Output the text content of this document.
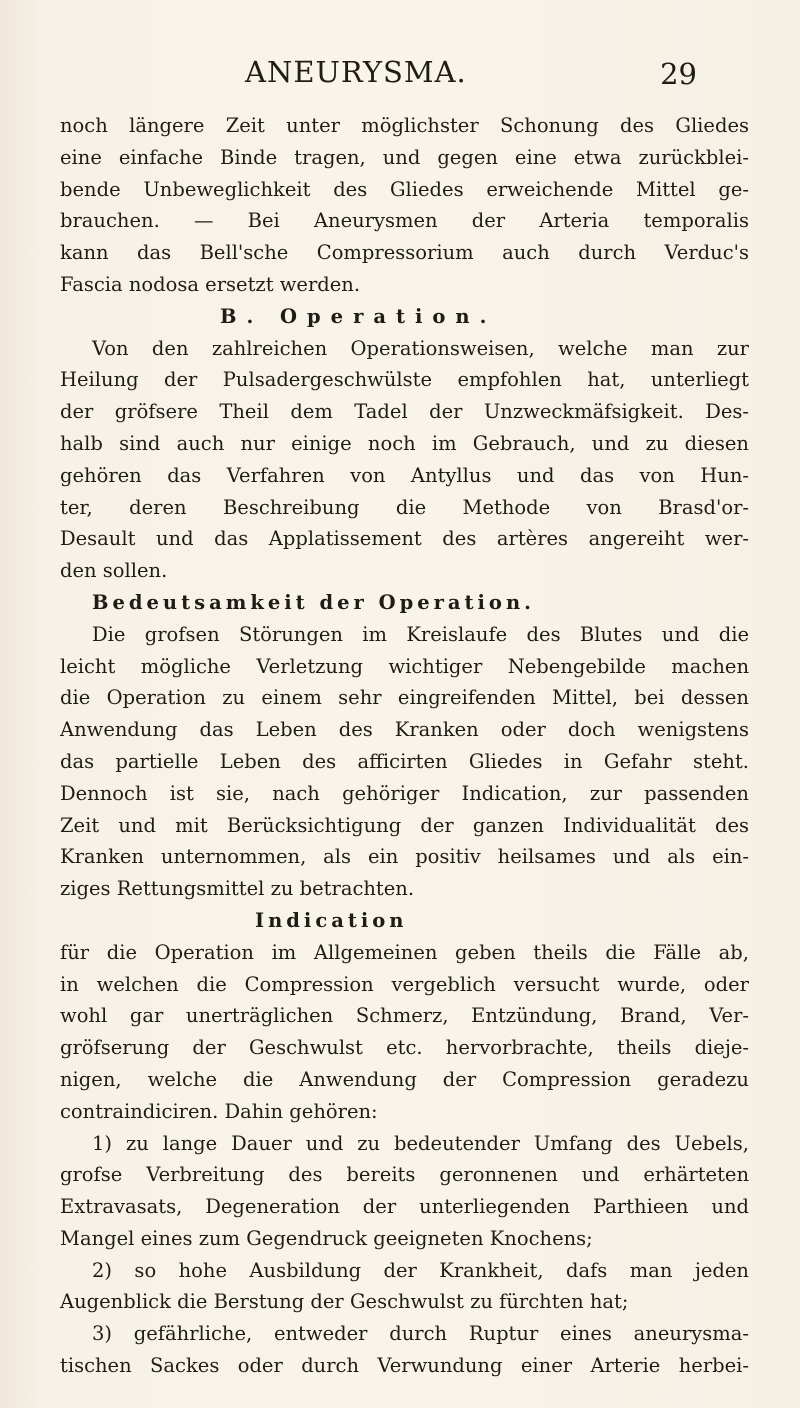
ANEURYSMA.	29
noch längere Zeit unter möglichster Schonung des Gliedes
eine einfache Binde tragen, und gegen eine etwa zurückblei-
bende Unbeweglichkeit des Gliedes erweichende Mittel ge-
brauchen. — Bei Aneurysmen der Arteria temporalis
kann das Bell'sche Compressorium auch durch Verduc's
Fascia nodosa ersetzt werden.
B. Operation.
Von den zahlreichen Operationsweisen, welche man zur
Heilung der Pulsadergeschwülste empfohlen hat, unterliegt
der gröfsere Theil dem Tadel der Unzweckmäfsigkeit. Des-
halb sind auch nur einige noch im Gebrauch, und zu diesen
gehören das Verfahren von Antyllus und das von Hun-
ter, deren Beschreibung die Methode von Brasd'or-
Desault und das Applatissement des artères angereiht wer-
den sollen.
Bedeutsamkeit der Operation.
Die grofsen Störungen im Kreislaufe des Blutes und die
leicht mögliche Verletzung wichtiger Nebengebilde machen
die Operation zu einem sehr eingreifenden Mittel, bei dessen
Anwendung das Leben des Kranken oder doch wenigstens
das partielle Leben des afficirten Gliedes in Gefahr steht.
Dennoch ist sie, nach gehöriger Indication, zur passenden
Zeit und mit Berücksichtigung der ganzen Individualität des
Kranken unternommen, als ein positiv heilsames und als ein-
ziges Rettungsmittel zu betrachten.
Indication
für die Operation im Allgemeinen geben theils die Fälle ab,
in welchen die Compression vergeblich versucht wurde, oder
wohl gar unerträglichen Schmerz, Entzündung, Brand, Ver-
gröfserung der Geschwulst etc. hervorbrachte, theils dieje-
nigen, welche die Anwendung der Compression geradezu
contraindiciren. Dahin gehören:
1) zu lange Dauer und zu bedeutender Umfang des Uebels,
grofse Verbreitung des bereits geronnenen und erhärteten
Extravasats, Degeneration der unterliegenden Parthieen und
Mangel eines zum Gegendruck geeigneten Knochens;
2) so hohe Ausbildung der Krankheit, dafs man jeden
Augenblick die Berstung der Geschwulst zu fürchten hat;
3) gefährliche, entweder durch Ruptur eines aneurysma-
tischen Sackes oder durch Verwundung einer Arterie herbei-
